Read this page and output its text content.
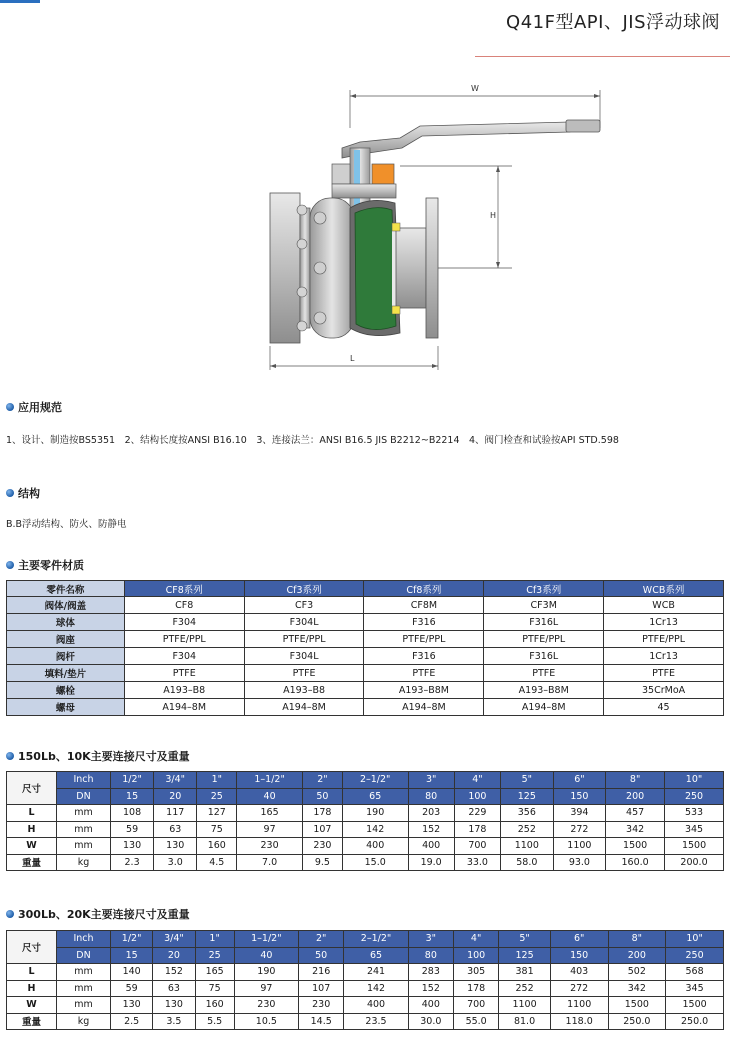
Q41F型API、JIS浮动球阀
W
H
L
应用规范
1、设计、制造按BS5351　2、结构长度按ANSI B16.10　3、连接法兰：ANSI B16.5 JIS B2212~B2214　4、阀门检查和试验按API STD.598
结构
B.B浮动结构、防火、防静电
主要零件材质
零件名称	CF8系列	Cf3系列	Cf8系列	Cf3系列	WCB系列
阀体/阀盖	CF8	CF3	CF8M	CF3M	WCB
球体	F304	F304L	F316	F316L	1Cr13
阀座	PTFE/PPL	PTFE/PPL	PTFE/PPL	PTFE/PPL	PTFE/PPL
阀杆	F304	F304L	F316	F316L	1Cr13
填料/垫片	PTFE	PTFE	PTFE	PTFE	PTFE
螺栓	A193–B8	A193–B8	A193–B8M	A193–B8M	35CrMoA
螺母	A194–8M	A194–8M	A194–8M	A194–8M	45
150Lb、10K主要连接尺寸及重量
尺寸	Inch	1/2"	3/4"	1"	1–1/2"	2"	2–1/2"	3"	4"	5"	6"	8"	10"
	DN	15	20	25	40	50	65	80	100	125	150	200	250
L	mm	108	117	127	165	178	190	203	229	356	394	457	533
H	mm	59	63	75	97	107	142	152	178	252	272	342	345
W	mm	130	130	160	230	230	400	400	700	1100	1100	1500	1500
重量	kg	2.3	3.0	4.5	7.0	9.5	15.0	19.0	33.0	58.0	93.0	160.0	200.0
300Lb、20K主要连接尺寸及重量
尺寸	Inch	1/2"	3/4"	1"	1–1/2"	2"	2–1/2"	3"	4"	5"	6"	8"	10"
	DN	15	20	25	40	50	65	80	100	125	150	200	250
L	mm	140	152	165	190	216	241	283	305	381	403	502	568
H	mm	59	63	75	97	107	142	152	178	252	272	342	345
W	mm	130	130	160	230	230	400	400	700	1100	1100	1500	1500
重量	kg	2.5	3.5	5.5	10.5	14.5	23.5	30.0	55.0	81.0	118.0	250.0	250.0
